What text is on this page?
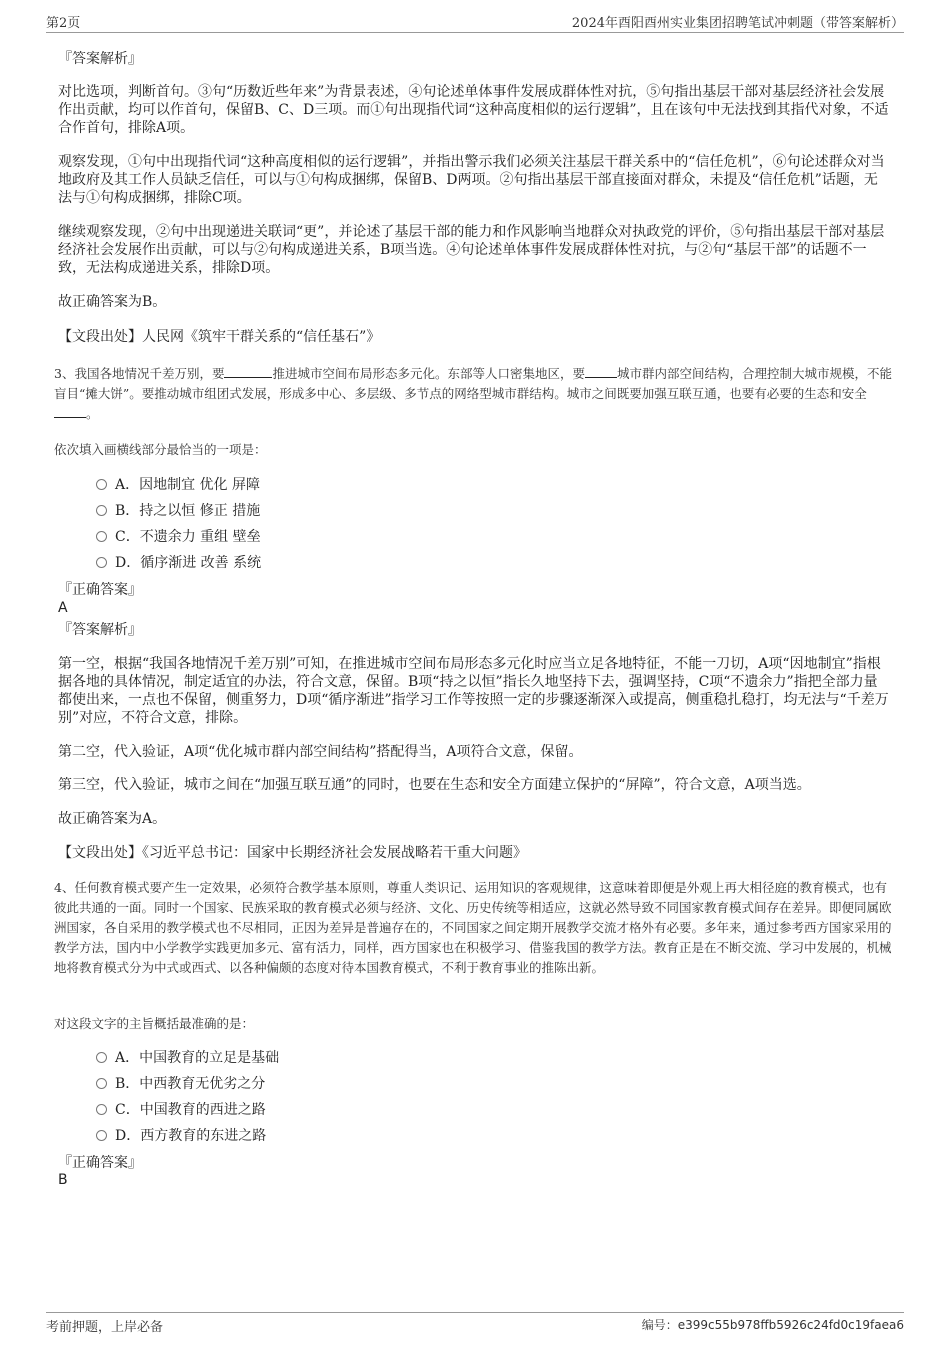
第2页	2024年酉阳酉州实业集团招聘笔试冲刺题（带答案解析）
『答案解析』

对比选项，判断首句。③句“历数近些年来”为背景表述，④句论述单体事件发展成群体性对抗，⑤句指出基层干部对基层经济社会发展作出贡献，均可以作首句，保留B、C、D三项。而①句出现指代词“这种高度相似的运行逻辑”，且在该句中无法找到其指代对象，不适合作首句，排除A项。

观察发现，①句中出现指代词“这种高度相似的运行逻辑”，并指出警示我们必须关注基层干群关系中的“信任危机”，⑥句论述群众对当地政府及其工作人员缺乏信任，可以与①句构成捆绑，保留B、D两项。②句指出基层干部直接面对群众，未提及“信任危机”话题，无法与①句构成捆绑，排除C项。

继续观察发现，②句中出现递进关联词“更”，并论述了基层干部的能力和作风影响当地群众对执政党的评价，⑤句指出基层干部对基层经济社会发展作出贡献，可以与②句构成递进关系，B项当选。④句论述单体事件发展成群体性对抗，与②句“基层干部”的话题不一致，无法构成递进关系，排除D项。

故正确答案为B。

【文段出处】人民网《筑牢干群关系的“信任基石”》

3、我国各地情况千差万别，要	推进城市空间布局形态多元化。东部等人口密集地区，要	城市群内部空间结构，合理控制大城市规模，不能盲目“摊大饼”。要推动城市组团式发展，形成多中心、多层级、多节点的网络型城市群结构。城市之间既要加强互联互通，也要有必要的生态和安全。

依次填入画横线部分最恰当的一项是：

A．因地制宜 优化 屏障
B．持之以恒 修正 措施
C．不遗余力 重组 壁垒
D．循序渐进 改善 系统
『正确答案』

A

『答案解析』

第一空，根据“我国各地情况千差万别”可知，在推进城市空间布局形态多元化时应当立足各地特征，不能一刀切，A项“因地制宜”指根据各地的具体情况，制定适宜的办法，符合文意，保留。B项“持之以恒”指长久地坚持下去，强调坚持，C项“不遗余力”指把全部力量都使出来，一点也不保留，侧重努力，D项“循序渐进”指学习工作等按照一定的步骤逐渐深入或提高，侧重稳扎稳打，均无法与“千差万别”对应，不符合文意，排除。

第二空，代入验证，A项“优化城市群内部空间结构”搭配得当，A项符合文意，保留。

第三空，代入验证，城市之间在“加强互联互通”的同时，也要在生态和安全方面建立保护的“屏障”，符合文意，A项当选。

故正确答案为A。

【文段出处】《习近平总书记：国家中长期经济社会发展战略若干重大问题》

4、任何教育模式要产生一定效果，必须符合教学基本原则，尊重人类识记、运用知识的客观规律，这意味着即便是外观上再大相径庭的教育模式，也有彼此共通的一面。同时一个国家、民族采取的教育模式必须与经济、文化、历史传统等相适应，这就必然导致不同国家教育模式间存在差异。即便同属欧洲国家，各自采用的教学模式也不尽相同，正因为差异是普遍存在的，不同国家之间定期开展教学交流才格外有必要。多年来，通过参考西方国家采用的教学方法，国内中小学教学实践更加多元、富有活力，同样，西方国家也在积极学习、借鉴我国的教学方法。教育正是在不断交流、学习中发展的，机械地将教育模式分为中式或西式、以各种偏颇的态度对待本国教育模式，不利于教育事业的推陈出新。

对这段文字的主旨概括最准确的是：

A．中国教育的立足是基础
B．中西教育无优劣之分
C．中国教育的西进之路
D．西方教育的东进之路
『正确答案』

B

考前押题，上岸必备	编号：e399c55b978ffb5926c24fd0c19faea6
